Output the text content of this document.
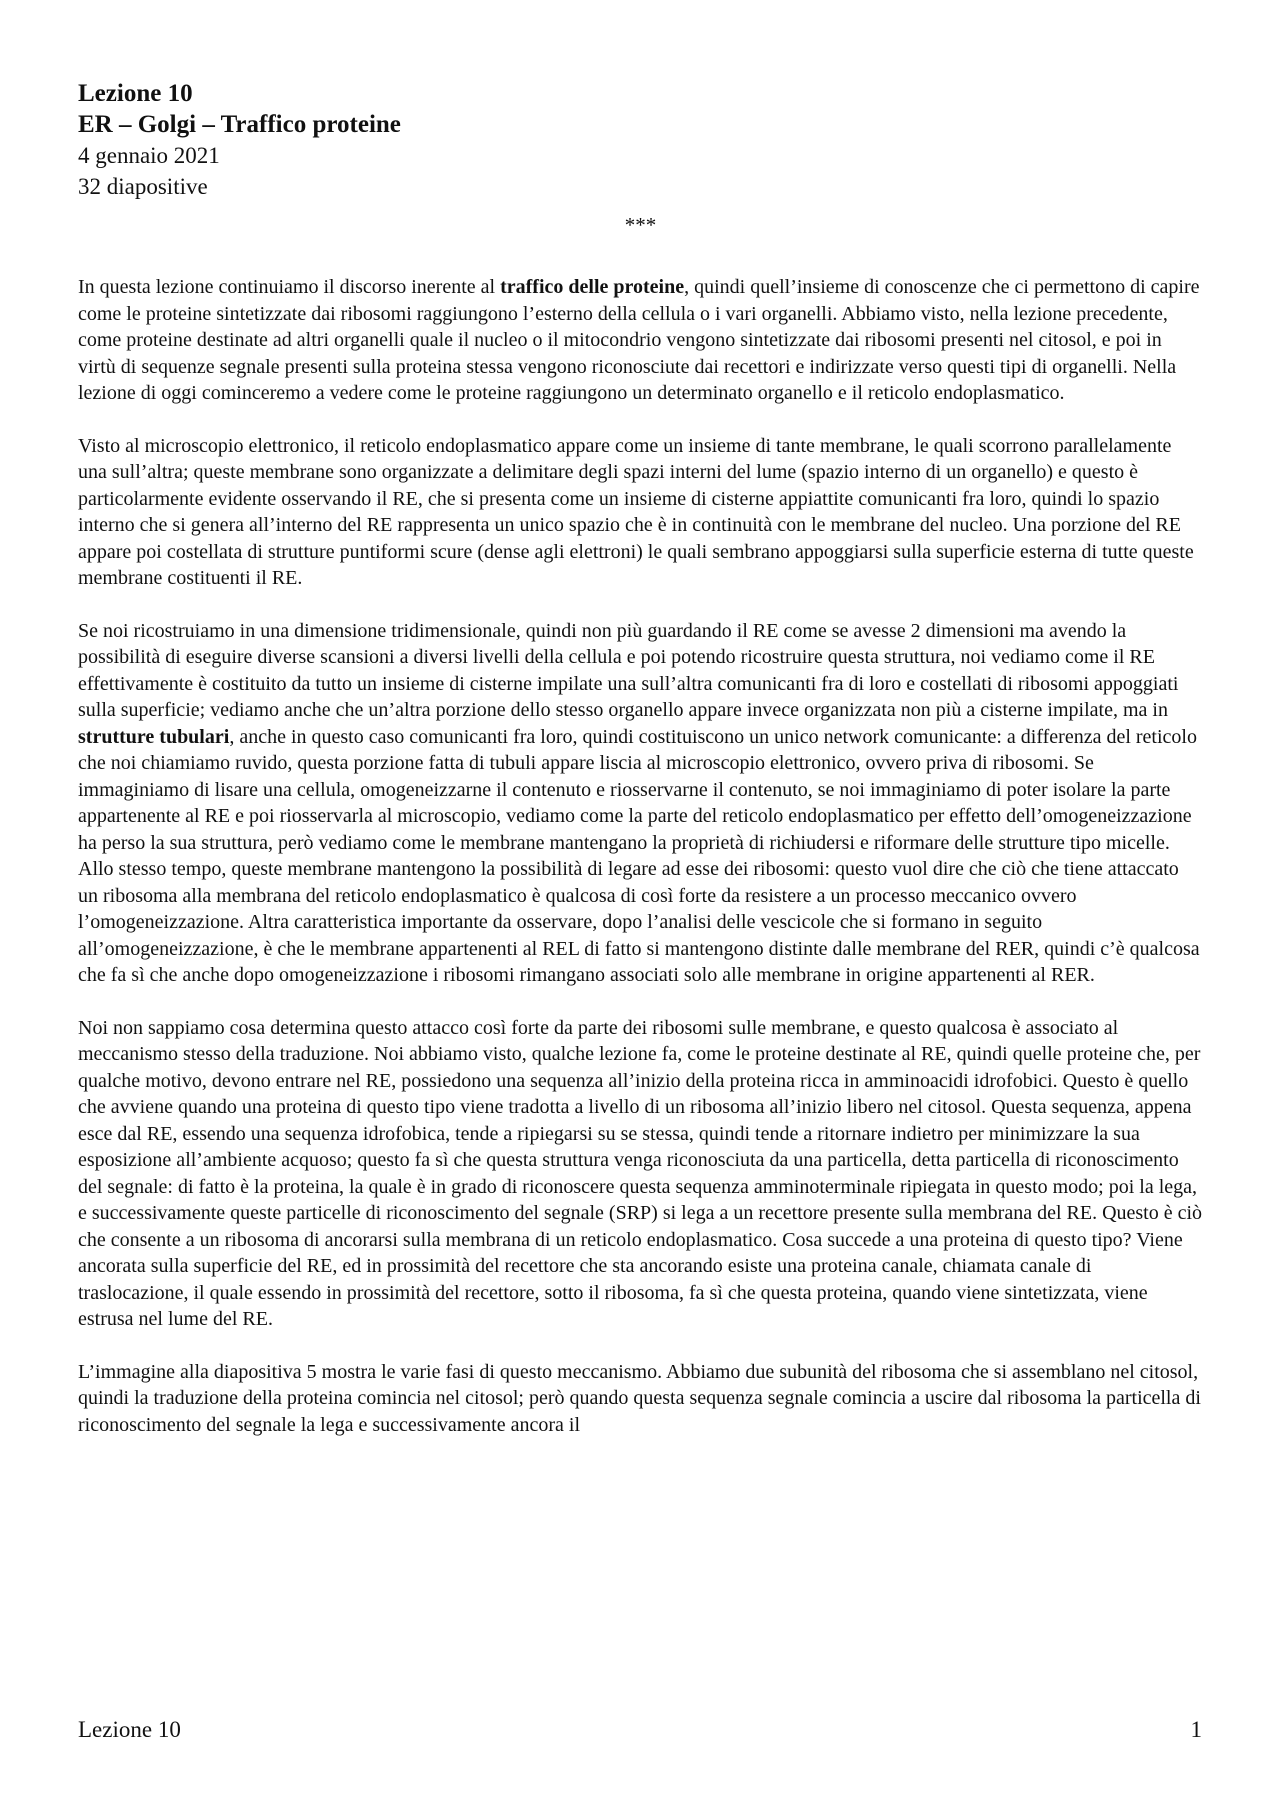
Lezione 10
ER – Golgi – Traffico proteine

4 gennaio 2021

32 diapositive

***

In questa lezione continuiamo il discorso inerente al traffico delle proteine, quindi quell’insieme di conoscenze che ci permettono di capire come le proteine sintetizzate dai ribosomi raggiungono l’esterno della cellula o i vari organelli. Abbiamo visto, nella lezione precedente, come proteine destinate ad altri organelli quale il nucleo o il mitocondrio vengono sintetizzate dai ribosomi presenti nel citosol, e poi in virtù di sequenze segnale presenti sulla proteina stessa vengono riconosciute dai recettori e indirizzate verso questi tipi di organelli. Nella lezione di oggi cominceremo a vedere come le proteine raggiungono un determinato organello e il reticolo endoplasmatico.

Visto al microscopio elettronico, il reticolo endoplasmatico appare come un insieme di tante membrane, le quali scorrono parallelamente una sull’altra; queste membrane sono organizzate a delimitare degli spazi interni del lume (spazio interno di un organello) e questo è particolarmente evidente osservando il RE, che si presenta come un insieme di cisterne appiattite comunicanti fra loro, quindi lo spazio interno che si genera all’interno del RE rappresenta un unico spazio che è in continuità con le membrane del nucleo. Una porzione del RE appare poi costellata di strutture puntiformi scure (dense agli elettroni) le quali sembrano appoggiarsi sulla superficie esterna di tutte queste membrane costituenti il RE.

Se noi ricostruiamo in una dimensione tridimensionale, quindi non più guardando il RE come se avesse 2 dimensioni ma avendo la possibilità di eseguire diverse scansioni a diversi livelli della cellula e poi potendo ricostruire questa struttura, noi vediamo come il RE effettivamente è costituito da tutto un insieme di cisterne impilate una sull’altra comunicanti fra di loro e costellati di ribosomi appoggiati sulla superficie; vediamo anche che un’altra porzione dello stesso organello appare invece organizzata non più a cisterne impilate, ma in strutture tubulari, anche in questo caso comunicanti fra loro, quindi costituiscono un unico network comunicante: a differenza del reticolo che noi chiamiamo ruvido, questa porzione fatta di tubuli appare liscia al microscopio elettronico, ovvero priva di ribosomi. Se immaginiamo di lisare una cellula, omogeneizzarne il contenuto e riosservarne il contenuto, se noi immaginiamo di poter isolare la parte appartenente al RE e poi riosservarla al microscopio, vediamo come la parte del reticolo endoplasmatico per effetto dell’omogeneizzazione ha perso la sua struttura, però vediamo come le membrane mantengano la proprietà di richiudersi e riformare delle strutture tipo micelle. Allo stesso tempo, queste membrane mantengono la possibilità di legare ad esse dei ribosomi: questo vuol dire che ciò che tiene attaccato un ribosoma alla membrana del reticolo endoplasmatico è qualcosa di così forte da resistere a un processo meccanico ovvero l’omogeneizzazione. Altra caratteristica importante da osservare, dopo l’analisi delle vescicole che si formano in seguito all’omogeneizzazione, è che le membrane appartenenti al REL di fatto si mantengono distinte dalle membrane del RER, quindi c’è qualcosa che fa sì che anche dopo omogeneizzazione i ribosomi rimangano associati solo alle membrane in origine appartenenti al RER.

Noi non sappiamo cosa determina questo attacco così forte da parte dei ribosomi sulle membrane, e questo qualcosa è associato al meccanismo stesso della traduzione. Noi abbiamo visto, qualche lezione fa, come le proteine destinate al RE, quindi quelle proteine che, per qualche motivo, devono entrare nel RE, possiedono una sequenza all’inizio della proteina ricca in amminoacidi idrofobici. Questo è quello che avviene quando una proteina di questo tipo viene tradotta a livello di un ribosoma all’inizio libero nel citosol. Questa sequenza, appena esce dal RE, essendo una sequenza idrofobica, tende a ripiegarsi su se stessa, quindi tende a ritornare indietro per minimizzare la sua esposizione all’ambiente acquoso; questo fa sì che questa struttura venga riconosciuta da una particella, detta particella di riconoscimento del segnale: di fatto è la proteina, la quale è in grado di riconoscere questa sequenza amminoterminale ripiegata in questo modo; poi la lega, e successivamente queste particelle di riconoscimento del segnale (SRP) si lega a un recettore presente sulla membrana del RE. Questo è ciò che consente a un ribosoma di ancorarsi sulla membrana di un reticolo endoplasmatico. Cosa succede a una proteina di questo tipo? Viene ancorata sulla superficie del RE, ed in prossimità del recettore che sta ancorando esiste una proteina canale, chiamata canale di traslocazione, il quale essendo in prossimità del recettore, sotto il ribosoma, fa sì che questa proteina, quando viene sintetizzata, viene estrusa nel lume del RE.

L’immagine alla diapositiva 5 mostra le varie fasi di questo meccanismo. Abbiamo due subunità del ribosoma che si assemblano nel citosol, quindi la traduzione della proteina comincia nel citosol; però quando questa sequenza segnale comincia a uscire dal ribosoma la particella di riconoscimento del segnale la lega e successivamente ancora il

Lezione 10	1
